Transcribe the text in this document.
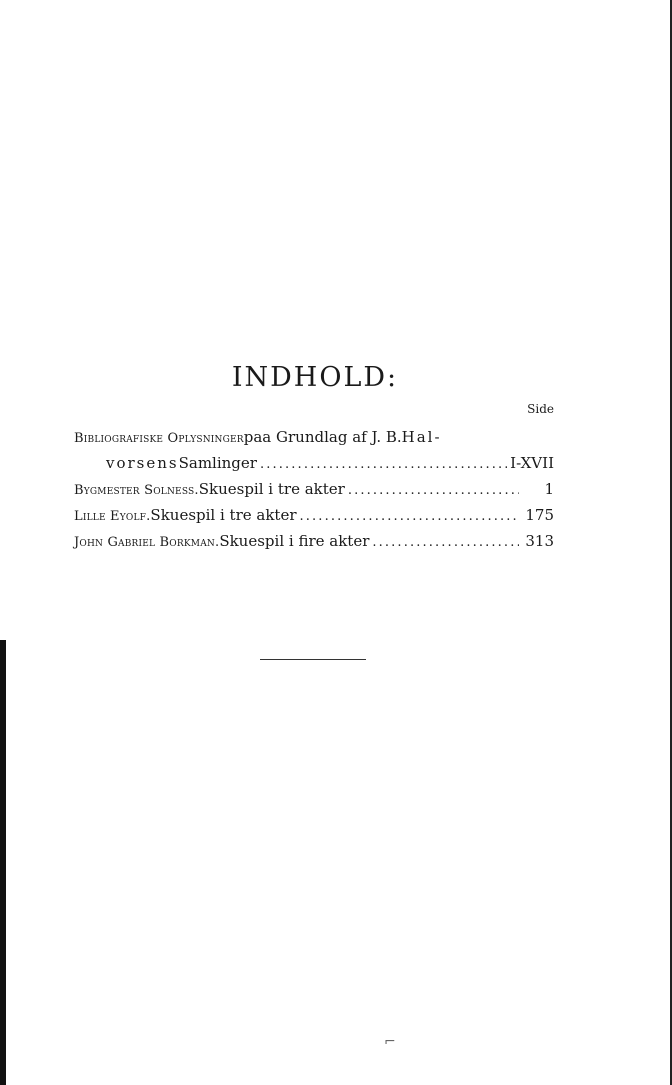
INDHOLD:
Side
Bibliografiske Oplysninger paa Grundlag af J. B. Hal-
vorsens Samlinger . . .	I-XVII
Bygmester Solness. Skuespil i tre akter . . .	1
Lille Eyolf. Skuespil i tre akter . . .	175
John Gabriel Borkman. Skuespil i fire akter . . .	313
⌐
